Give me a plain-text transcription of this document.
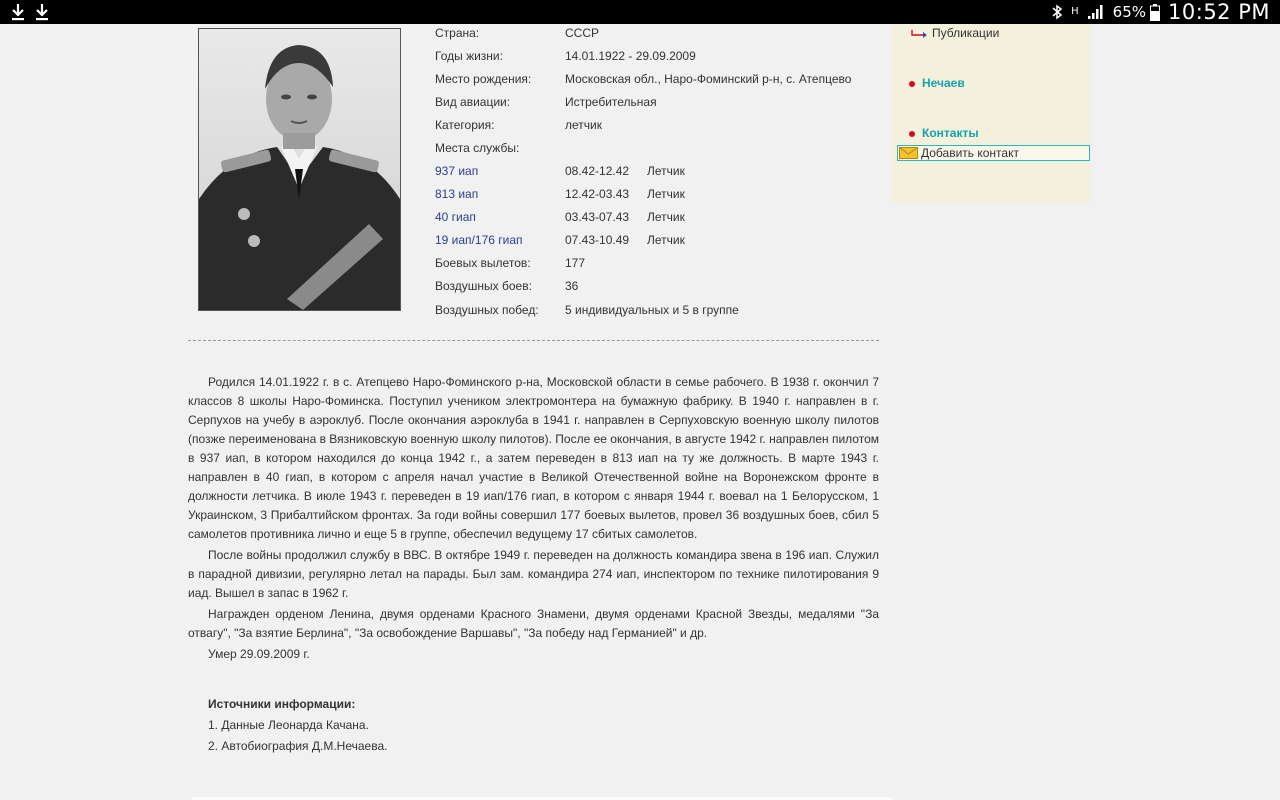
H 65% 10:52 PM
Страна:	СССР
Годы жизни:	14.01.1922 - 29.09.2009
Место рождения:	Московская обл., Наро-Фоминский р-н, с. Атепцево
Вид авиации:	Истребительная
Категория:	летчик
Места службы:
937 иап	08.42-12.42 Летчик
813 иап	12.42-03.43 Летчик
40 гиап	03.43-07.43 Летчик
19 иап/176 гиап	07.43-10.49 Летчик
Боевых вылетов:	177
Воздушных боев:	36
Воздушных побед: 5 индивидуальных и 5 в группе

Родился 14.01.1922 г. в с. Атепцево Наро-Фоминского р-на, Московской области в семье рабочего. В 1938 г. окончил 7 классов 8 школы Наро-Фоминска. Поступил учеником электромонтера на бумажную фабрику. В 1940 г. направлен в г. Серпухов на учебу в аэроклуб. После окончания аэроклуба в 1941 г. направлен в Серпуховскую военную школу пилотов (позже переименована в Вязниковскую военную школу пилотов). После ее окончания, в августе 1942 г. направлен пилотом в 937 иап, в котором находился до конца 1942 г., а затем переведен в 813 иап на ту же должность. В марте 1943 г. направлен в 40 гиап, в котором с апреля начал участие в Великой Отечественной войне на Воронежском фронте в должности летчика. В июле 1943 г. переведен в 19 иап/176 гиап, в котором с января 1944 г. воевал на 1 Белорусском, 1 Украинском, 3 Прибалтийском фронтах. За годи войны совершил 177 боевых вылетов, провел 36 воздушных боев, сбил 5 самолетов противника лично и еще 5 в группе, обеспечил ведущему 17 сбитых самолетов.

После войны продолжил службу в ВВС. В октябре 1949 г. переведен на должность командира звена в 196 иап. Служил в парадной дивизии, регулярно летал на парады. Был зам. командира 274 иап, инспектором по технике пилотирования 9 иад. Вышел в запас в 1962 г.

Награжден орденом Ленина, двумя орденами Красного Знамени, двумя орденами Красной Звезды, медалями "За отвагу", "За взятие Берлина", "За освобождение Варшавы", "За победу над Германией" и др.

Умер 29.09.2009 г.

Источники информации:
1. Данные Леонарда Качана.
2. Автобиография Д.М.Нечаева.
Публикации
Нечаев
Контакты
Добавить контакт
